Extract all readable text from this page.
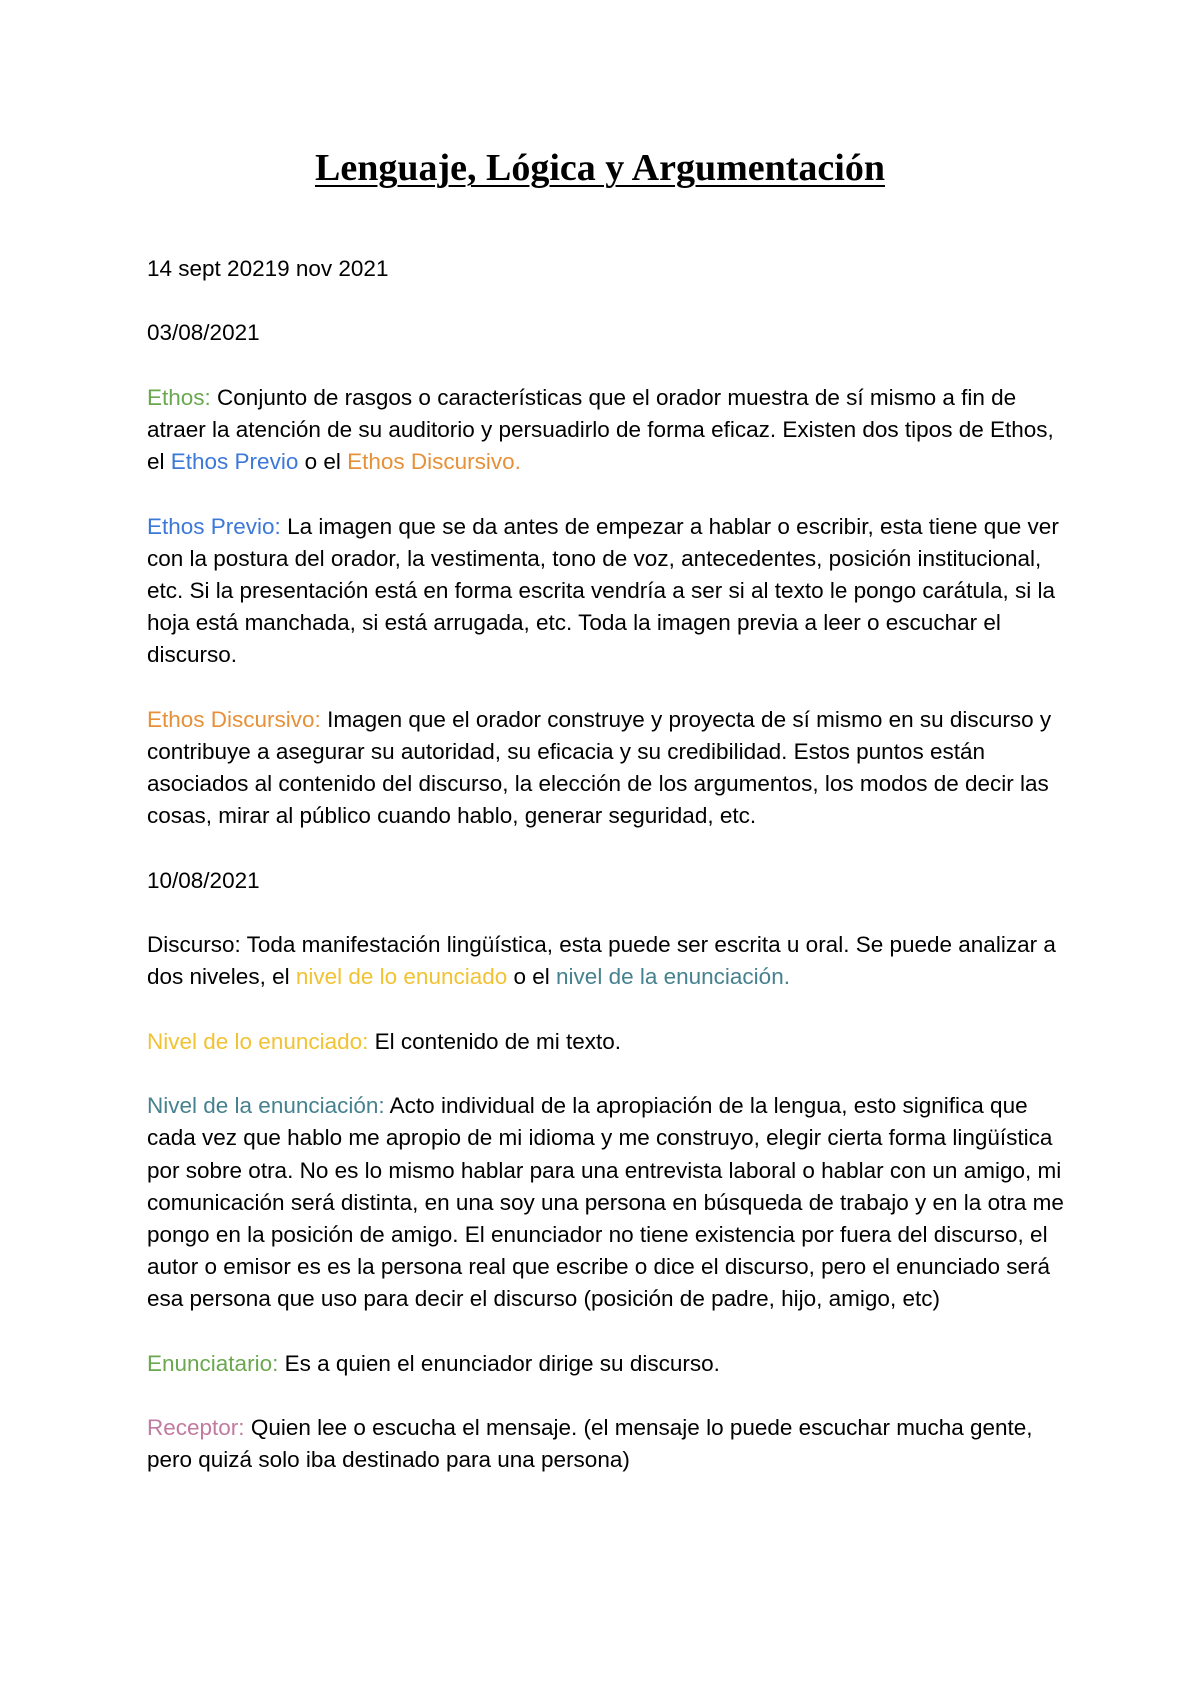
Lenguaje, Lógica y Argumentación

14 sept 20219 nov 2021

03/08/2021

Ethos: Conjunto de rasgos o características que el orador muestra de sí mismo a fin de atraer la atención de su auditorio y persuadirlo de forma eficaz. Existen dos tipos de Ethos, el Ethos Previo o el Ethos Discursivo.

Ethos Previo: La imagen que se da antes de empezar a hablar o escribir, esta tiene que ver con la postura del orador, la vestimenta, tono de voz, antecedentes, posición institucional, etc. Si la presentación está en forma escrita vendría a ser si al texto le pongo carátula, si la hoja está manchada, si está arrugada, etc. Toda la imagen previa a leer o escuchar el discurso.

Ethos Discursivo: Imagen que el orador construye y proyecta de sí mismo en su discurso y contribuye a asegurar su autoridad, su eficacia y su credibilidad. Estos puntos están asociados al contenido del discurso, la elección de los argumentos, los modos de decir las cosas, mirar al público cuando hablo, generar seguridad, etc.

10/08/2021

Discurso: Toda manifestación lingüística, esta puede ser escrita u oral. Se puede analizar a dos niveles, el nivel de lo enunciado o el nivel de la enunciación.

Nivel de lo enunciado: El contenido de mi texto.

Nivel de la enunciación: Acto individual de la apropiación de la lengua, esto significa que cada vez que hablo me apropio de mi idioma y me construyo, elegir cierta forma lingüística por sobre otra. No es lo mismo hablar para una entrevista laboral o hablar con un amigo, mi comunicación será distinta, en una soy una persona en búsqueda de trabajo y en la otra me pongo en la posición de amigo. El enunciador no tiene existencia por fuera del discurso, el autor o emisor es es la persona real que escribe o dice el discurso, pero el enunciado será esa persona que uso para decir el discurso (posición de padre, hijo, amigo, etc)

Enunciatario: Es a quien el enunciador dirige su discurso.

Receptor: Quien lee o escucha el mensaje. (el mensaje lo puede escuchar mucha gente, pero quizá solo iba destinado para una persona)
